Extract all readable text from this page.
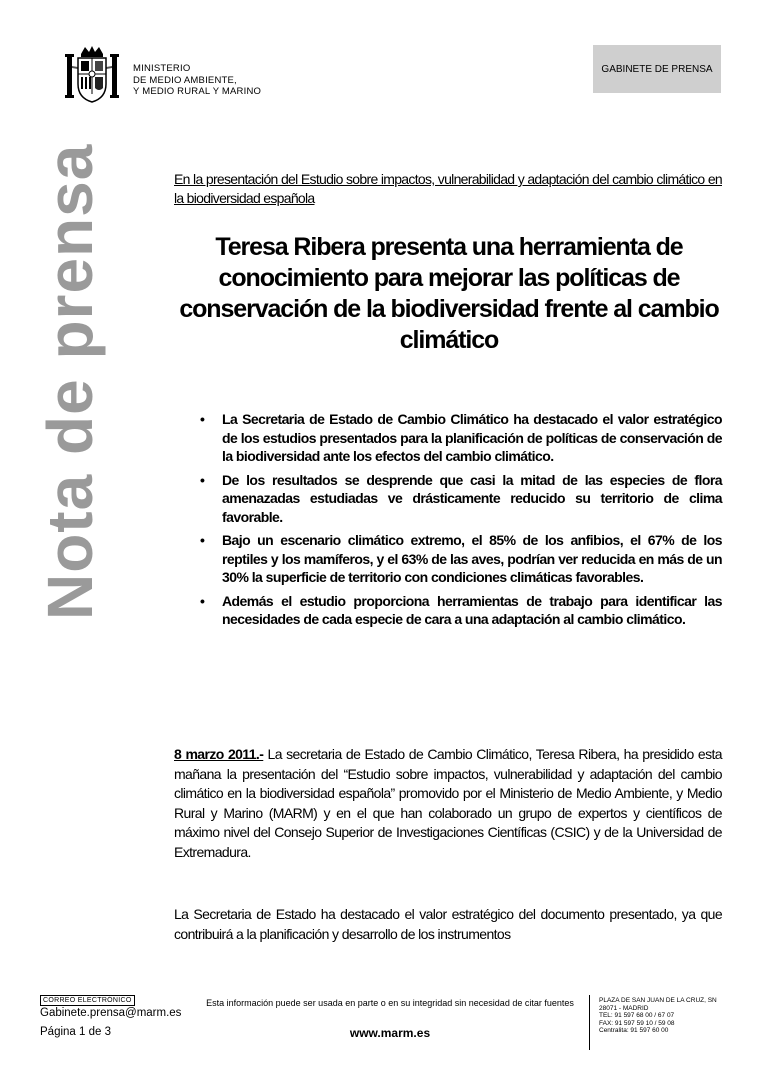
MINISTERIO
DE MEDIO AMBIENTE,
Y MEDIO RURAL Y MARINO
GABINETE DE PRENSA
Nota de prensa	En la presentación del Estudio sobre impactos, vulnerabilidad y adaptación del cambio climático en la biodiversidad española
Teresa Ribera presenta una herramienta de conocimiento para mejorar las políticas de conservación de la biodiversidad frente al cambio climático
• La Secretaria de Estado de Cambio Climático ha destacado el valor estratégico de los estudios presentados para la planificación de políticas de conservación de la biodiversidad ante los efectos del cambio climático.
• De los resultados se desprende que casi la mitad de las especies de flora amenazadas estudiadas ve drásticamente reducido su territorio de clima favorable.
• Bajo un escenario climático extremo, el 85% de los anfibios, el 67% de los reptiles y los mamíferos, y el 63% de las aves, podrían ver reducida en más de un 30% la superficie de territorio con condiciones climáticas favorables.
• Además el estudio proporciona herramientas de trabajo para identificar las necesidades de cada especie de cara a una adaptación al cambio climático.
8 marzo 2011.- La secretaria de Estado de Cambio Climático, Teresa Ribera, ha presidido esta mañana la presentación del “Estudio sobre impactos, vulnerabilidad y adaptación del cambio climático en la biodiversidad española” promovido por el Ministerio de Medio Ambiente, y Medio Rural y Marino (MARM) y en el que han colaborado un grupo de expertos y científicos de máximo nivel del Consejo Superior de Investigaciones Científicas (CSIC) y de la Universidad de Extremadura.
La Secretaria de Estado ha destacado el valor estratégico del documento presentado, ya que contribuirá a la planificación y desarrollo de los instrumentos
CORREO ELECTRÓNICO
Gabinete.prensa@marm.es
Página 1 de 3
Esta información puede ser usada en parte o en su integridad sin necesidad de citar fuentes
www.marm.es
PLAZA DE SAN JUAN DE LA CRUZ, SN
28071 - MADRID
TEL: 91 597 68 00 / 67 07
FAX: 91 597 59 10 / 59 08
Centralita: 91 597 60 00
